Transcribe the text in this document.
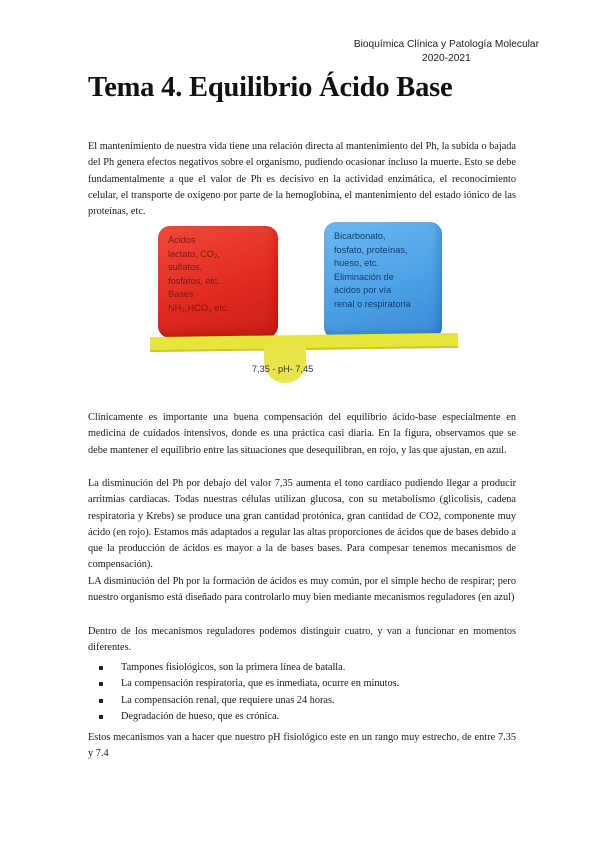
Bioquímica Clínica y Patología Molecular
2020-2021
Tema 4. Equilibrio Ácido Base

El mantenimiento de nuestra vida tiene una relación directa al mantenimiento del Ph, la subida o bajada del Ph genera efectos negativos sobre el organismo, pudiendo ocasionar incluso la muerte. Esto se debe fundamentalmente a que el valor de Ph es decisivo en la actividad enzimática, el reconocimiento celular, el transporte de oxígeno por parte de la hemoglobina, el mantenimiento del estado iónico de las proteínas, etc.

Ácidos
lactato, CO₂,
sulfatos,
fosfatos, etc.
Bases
NH₃,HCO₃ etc.
Bicarbonato,
fosfato, proteínas,
hueso, etc.
Eliminación de
ácidos por vía
renal o respiratoria
7,35 - pH- 7,45

Clínicamente es importante una buena compensación del equilibrio ácido-base especialmente en medicina de cuidados intensivos, donde es una práctica casi diaria. En la figura, observamos que se debe mantener el equilibrio entre las situaciones que desequilibran, en rojo, y las que ajustan, en azul.

La disminución del Ph por debajo del valor 7,35 aumenta el tono cardíaco pudiendo llegar a producir arritmias cardiacas. Todas nuestras células utilizan glucosa, con su metabolismo (glicolisis, cadena respiratoria y Krebs) se produce una gran cantidad protónica, gran cantidad de CO2, componente muy ácido (en rojo). Estamos más adaptados a regular las altas proporciones de ácidos que de bases debido a que la producción de ácidos es mayor a la de bases bases. Para compesar tenemos mecanismos de compensación).

LA disminución del Ph por la formación de ácidos es muy común, por el simple hecho de respirar; pero nuestro organismo está diseñado para controlarlo muy bien mediante mecanismos reguladores (en azul)

Dentro de los mecanismos reguladores podemos distinguir cuatro, y van a funcionar en momentos diferentes.

Tampones fisiológicos, son la primera línea de batalla.
La compensación respiratoria, que es inmediata, ocurre en minutos.
La compensación renal, que requiere unas 24 horas.
Degradación de hueso, que es crónica.

Estos mecanismos van a hacer que nuestro pH fisiológico este en un rango muy estrecho, de entre 7.35 y 7.4
